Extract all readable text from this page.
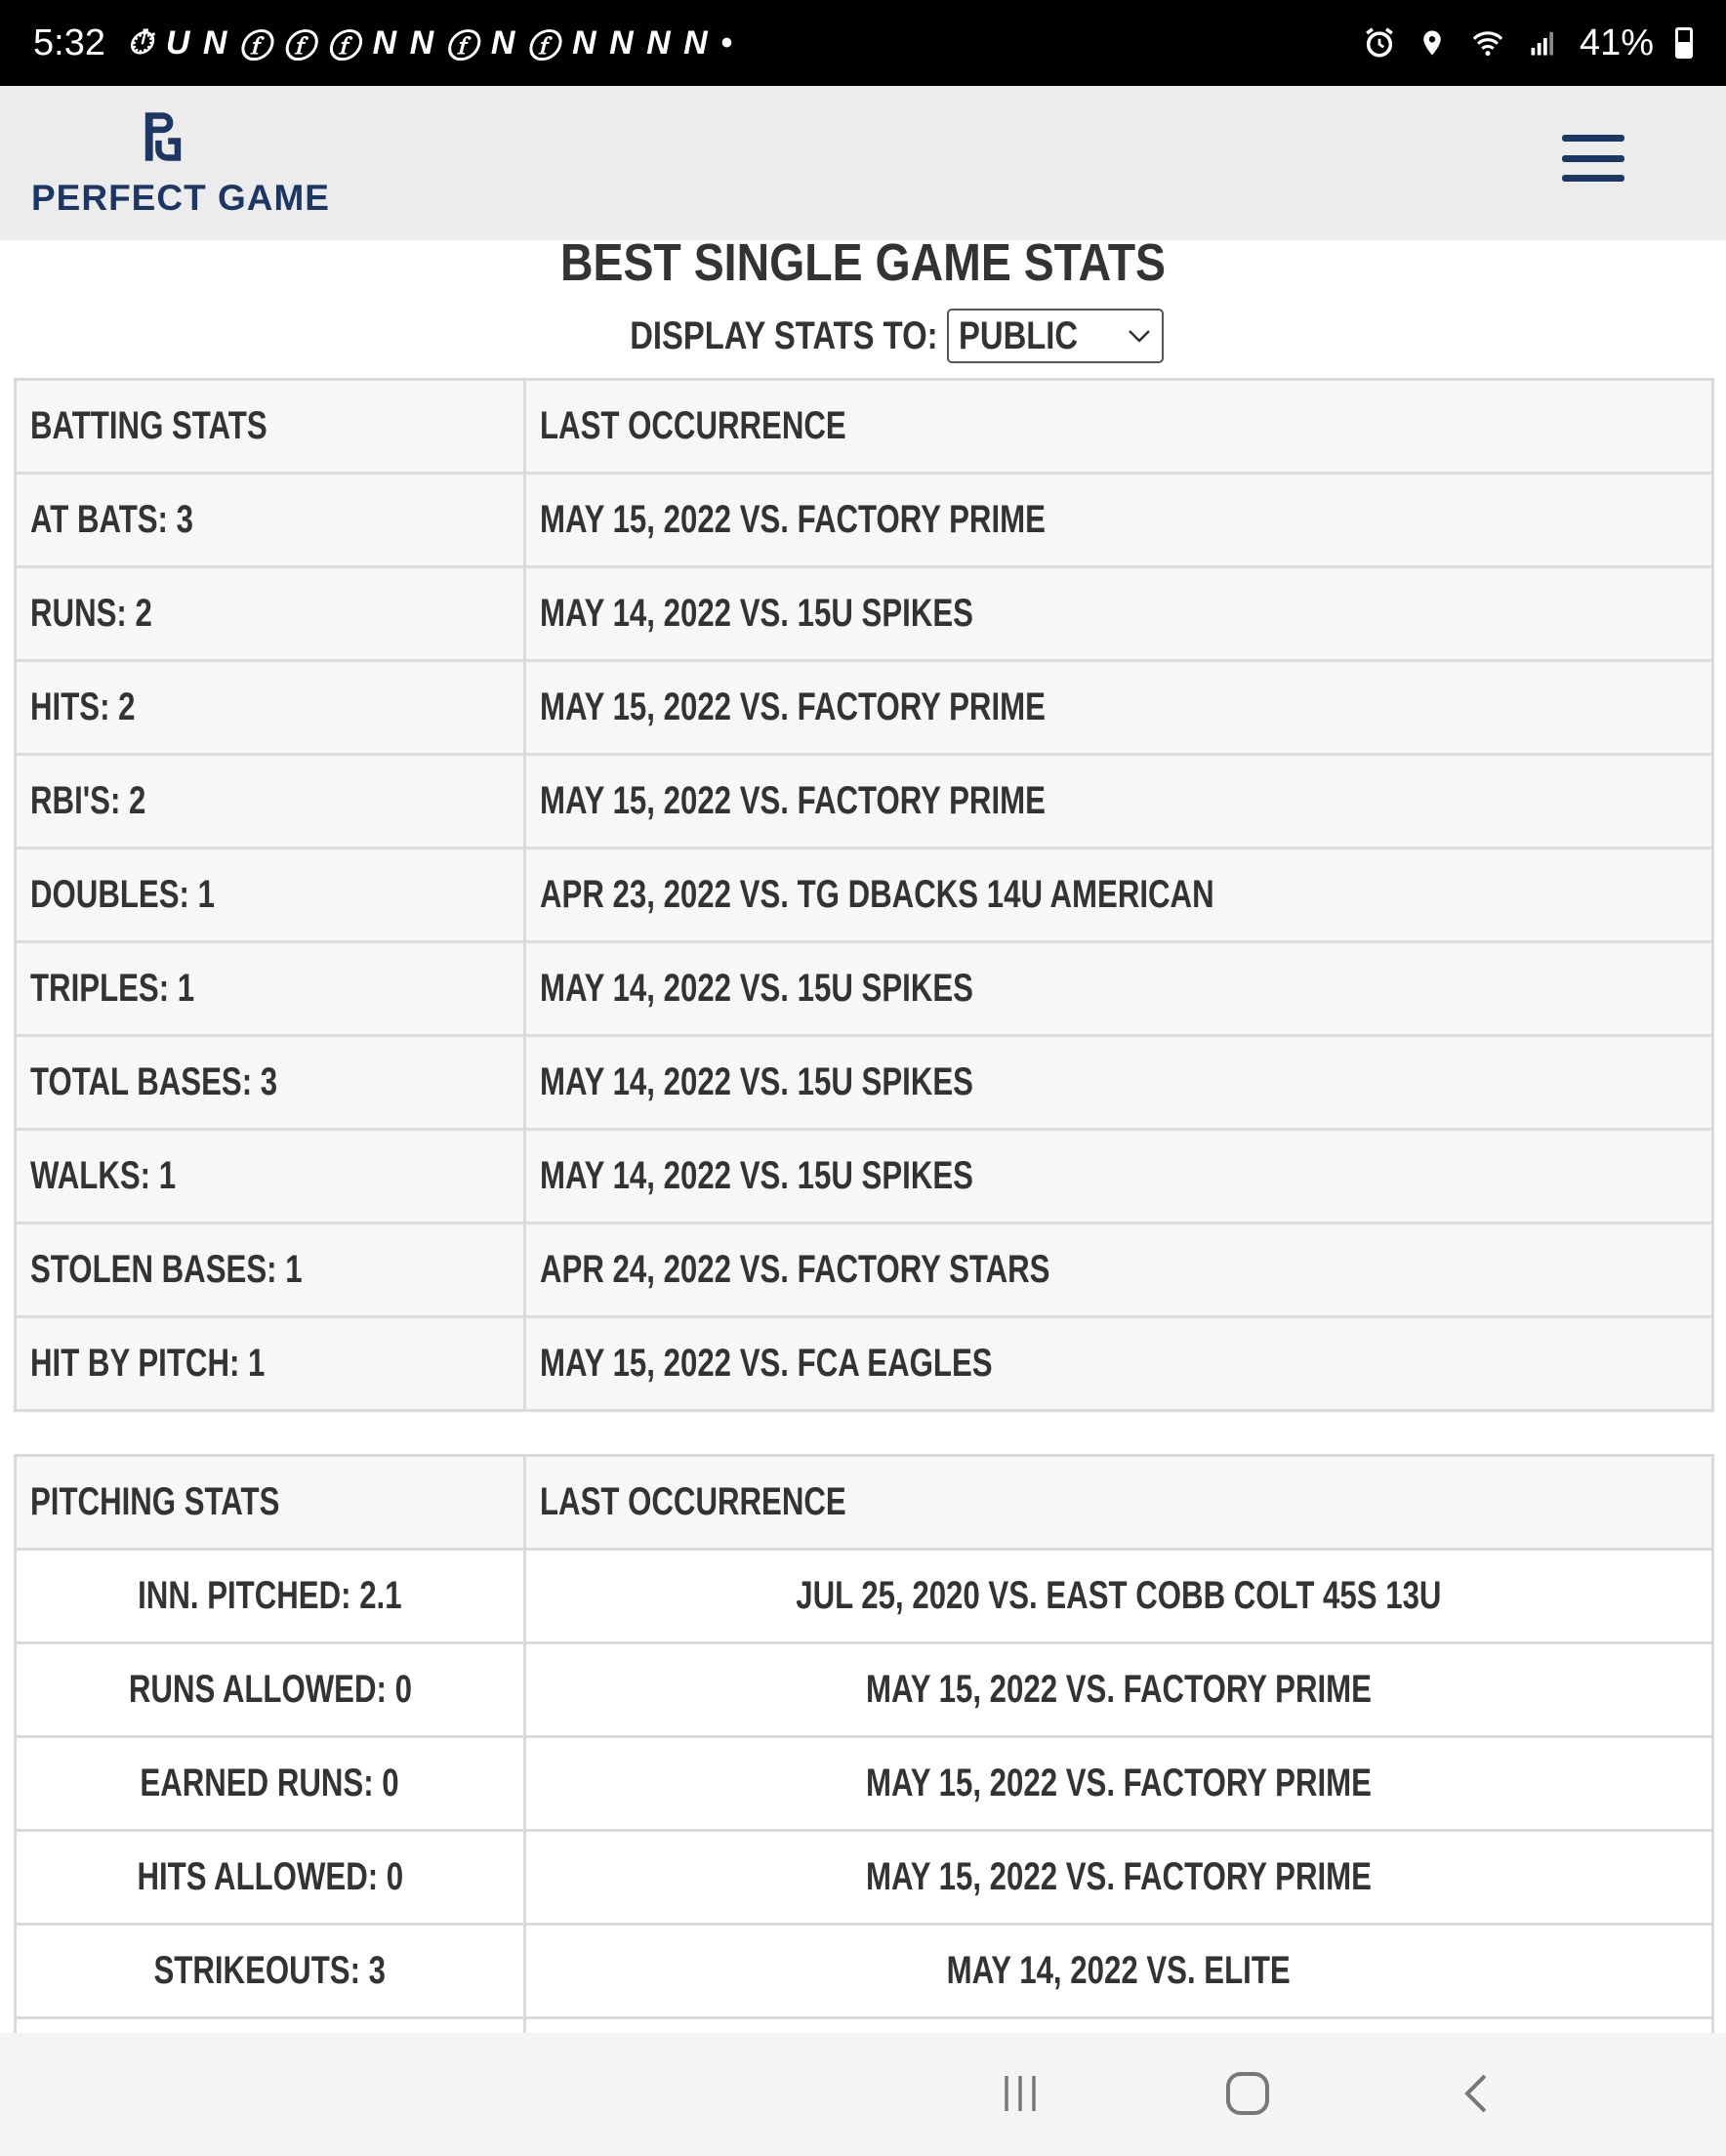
5:32 ⏱ U N ⓕ ⓕ ⓕ N N ⓕ N ⓕ N N N N •	41%
PERFECT GAME
BEST SINGLE GAME STATS
DISPLAY STATS TO: PUBLIC
BATTING STATS	LAST OCCURRENCE
AT BATS: 3	MAY 15, 2022 VS. FACTORY PRIME
RUNS: 2	MAY 14, 2022 VS. 15U SPIKES
HITS: 2	MAY 15, 2022 VS. FACTORY PRIME
RBI'S: 2	MAY 15, 2022 VS. FACTORY PRIME
DOUBLES: 1	APR 23, 2022 VS. TG DBACKS 14U AMERICAN
TRIPLES: 1	MAY 14, 2022 VS. 15U SPIKES
TOTAL BASES: 3	MAY 14, 2022 VS. 15U SPIKES
WALKS: 1	MAY 14, 2022 VS. 15U SPIKES
STOLEN BASES: 1	APR 24, 2022 VS. FACTORY STARS
HIT BY PITCH: 1	MAY 15, 2022 VS. FCA EAGLES
PITCHING STATS	LAST OCCURRENCE
INN. PITCHED: 2.1	JUL 25, 2020 VS. EAST COBB COLT 45S 13U
RUNS ALLOWED: 0	MAY 15, 2022 VS. FACTORY PRIME
EARNED RUNS: 0	MAY 15, 2022 VS. FACTORY PRIME
HITS ALLOWED: 0	MAY 15, 2022 VS. FACTORY PRIME
STRIKEOUTS: 3	MAY 14, 2022 VS. ELITE
